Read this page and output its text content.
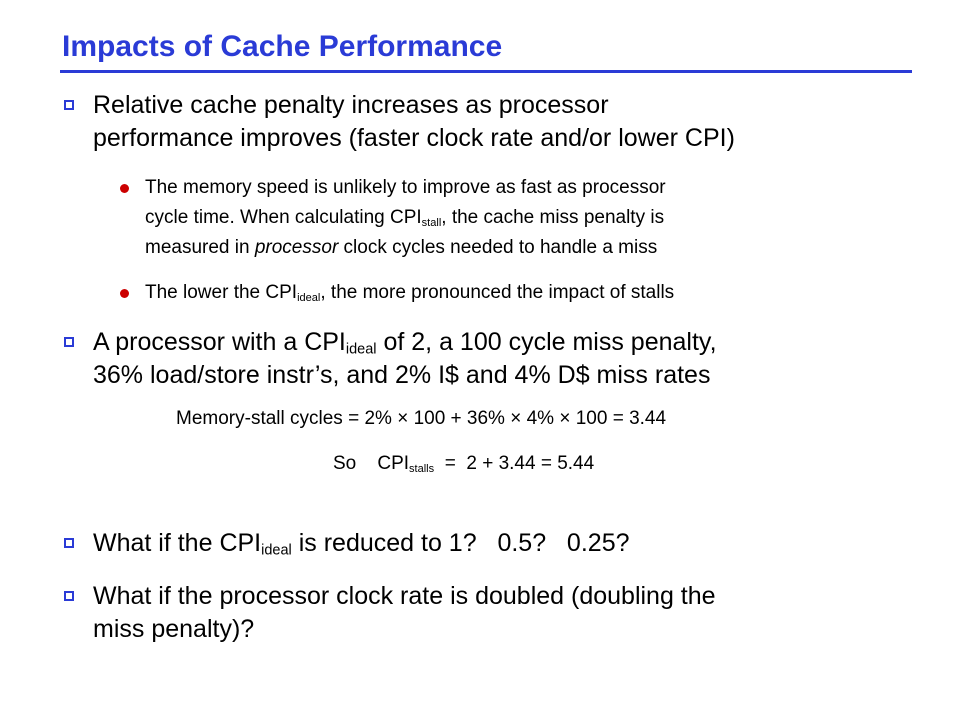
Impacts of Cache Performance
Relative cache penalty increases as processor
performance improves (faster clock rate and/or lower CPI)
The memory speed is unlikely to improve as fast as processor
cycle time. When calculating $CPI_{stall}$, the cache miss penalty is
measured in processor clock cycles needed to handle a miss
The lower the $CPI_{ideal}$, the more pronounced the impact of stalls
A processor with a $CPI_{ideal}$ of 2, a 100 cycle miss penalty,
36% load/store instr’s, and 2% I$ and 4% D$ miss rates
Memory-stall cycles = 2% × 100 + 36% × 4% × 100 = 3.44
So    $CPI_{stalls} = 2 + 3.44 = 5.44$
What if the $CPI_{ideal}$ is reduced to 1?   0.5?   0.25?
What if the processor clock rate is doubled (doubling the
miss penalty)?
